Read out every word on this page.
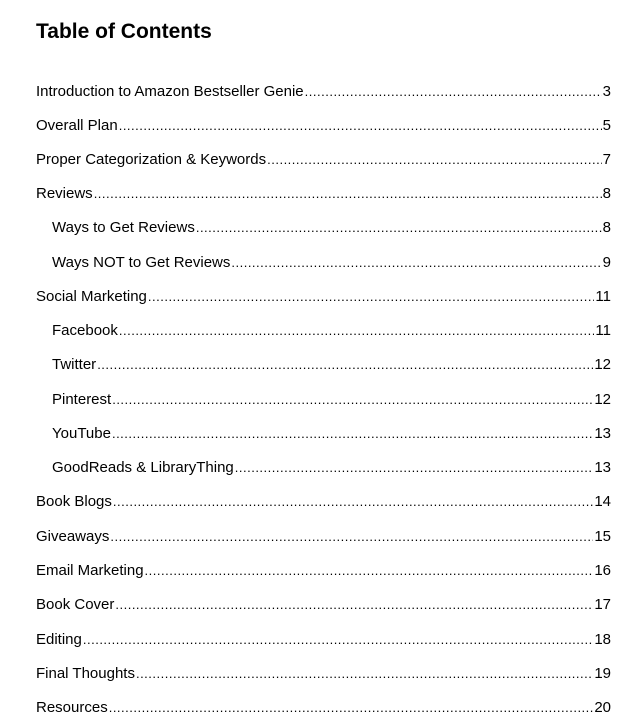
Table of Contents
Introduction to Amazon Bestseller Genie .....	3
Overall Plan .....	5
Proper Categorization & Keywords .....	7
Reviews .....	8
Ways to Get Reviews .....	8
Ways NOT to Get Reviews .....	9
Social Marketing .....	11
Facebook .....	11
Twitter .....	12
Pinterest .....	12
YouTube .....	13
GoodReads & LibraryThing .....	13
Book Blogs .....	14
Giveaways .....	15
Email Marketing .....	16
Book Cover .....	17
Editing .....	18
Final Thoughts .....	19
Resources .....	20
